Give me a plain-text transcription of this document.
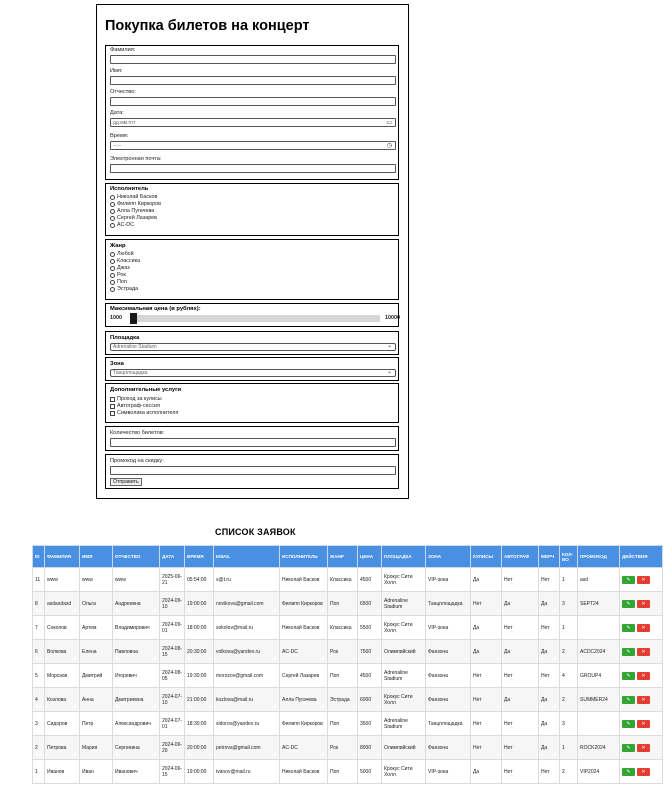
Покупка билетов на концерт
Фамилия:
Имя:
Отчество:
Дата:
дд.мм.гггг	▭
Время:
--:--	◷
Электронная почта:
Исполнитель
Николай Басков
Филипп Киркоров
Алла Пугачева
Сергей Лазарев
AC-DC
Жанр
Любой
Классика
Джаз
Рок
Поп
Эстрада
Максимальная цена (в рублях):
1000	10000
Площадка
Adrenaline Stadium	⌄
Зона
Танцплощадка	⌄
Дополнительные услуги
Проход за кулисы
Автограф-сессия
Символика исполнителя
Количество билетов:
Промокод на скидку:
Отправить
СПИСОК ЗАЯВОК
ID	ФАМИЛИЯ	ИМЯ	ОТЧЕСТВО	ДАТА	ВРЕМЯ	EMAIL	ИСПОЛНИТЕЛЬ	ЖАНР	ЦЕНА	ПЛОЩАДКА	ЗОНА	КУЛИСЫ	АВТОГРАФ	МЕРЧ	КОЛ-ВО	ПРОМОКОД	ДЕЙСТВИЯ
11	www	www	www	2025-06-21	05:54:00	s@t.ru	Николай Басков	Классика	4500	Крокус Сити Холл	VIP-зона	Да	Нет	Нет	1	asd	✎ ✕
8	asdasdasd	Ольга	Андреевна	2024-09-10	19:00:00	novikova@gmail.com	Филипп Киркоров	Поп	6500	Adrenaline Stadium	Танцплощадка	Нет	Да	Да	3	SEPT24	✎ ✕
7	Соколов	Артем	Владимирович	2024-09-01	18:00:00	sokolov@mail.ru	Николай Басков	Классика	5500	Крокус Сити Холл	VIP-зона	Да	Нет	Нет	1		✎ ✕
6	Волкова	Елена	Павловна	2024-08-15	20:30:00	volkova@yandex.ru	AC-DC	Рок	7500	Олимпийский	Фанзона	Да	Да	Да	2	ACDC2024	✎ ✕
5	Морозов	Дмитрий	Игоревич	2024-08-05	19:30:00	morozov@gmail.com	Сергей Лазарев	Поп	4500	Adrenaline Stadium	Фанзона	Нет	Нет	Нет	4	GROUP4	✎ ✕
4	Козлова	Анна	Дмитриевна	2024-07-10	21:00:00	kozlova@mail.ru	Алла Пугачева	Эстрада	6000	Крокус Сити Холл	Фанзона	Нет	Да	Да	2	SUMMER24	✎ ✕
3	Сидоров	Петр	Александрович	2024-07-01	18:30:00	sidorov@yandex.ru	Филипп Киркоров	Поп	3500	Adrenaline Stadium	Танцплощадка	Нет	Нет	Да	3		✎ ✕
2	Петрова	Мария	Сергеевна	2024-06-20	20:00:00	petrova@gmail.com	AC-DC	Рок	8000	Олимпийский	Фанзона	Нет	Нет	Да	1	ROCK2024	✎ ✕
1	Иванов	Иван	Иванович	2024-06-15	19:00:00	ivanov@mail.ru	Николай Басков	Поп	5000	Крокус Сити Холл	VIP-зона	Да	Нет	Нет	2	VIP2024	✎ ✕
